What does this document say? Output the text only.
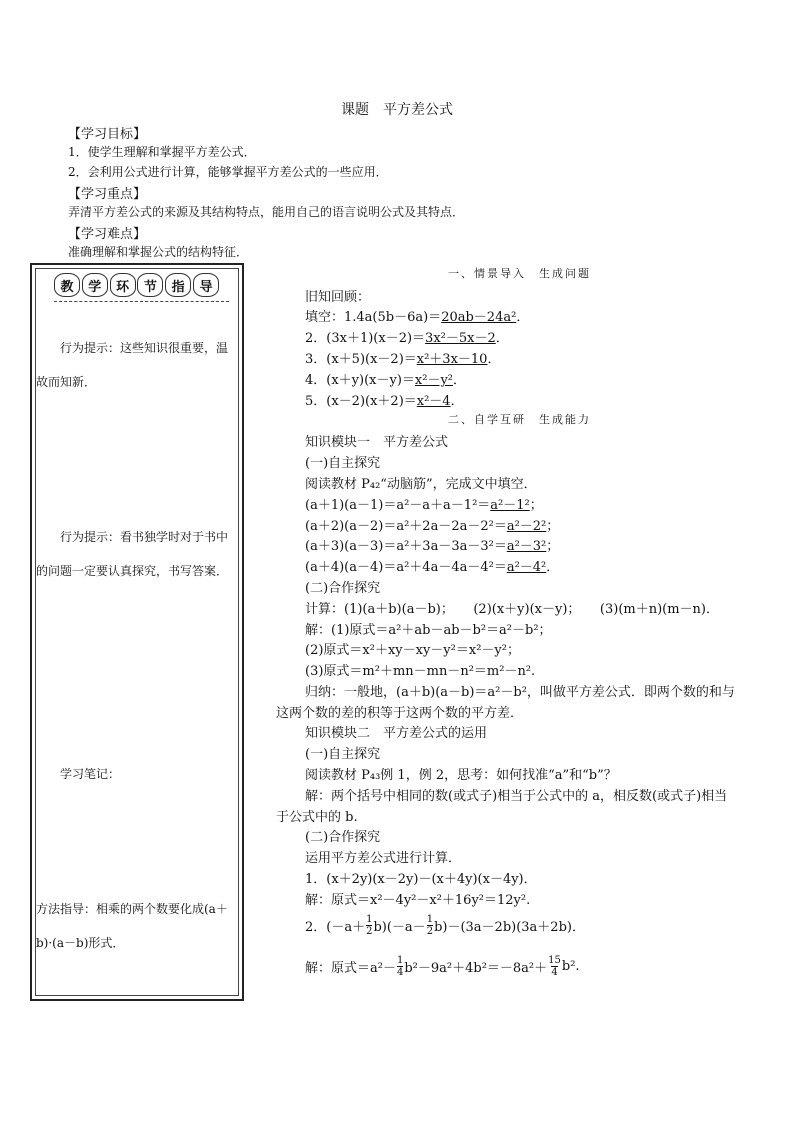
课题　平方差公式
【学习目标】
1．使学生理解和掌握平方差公式．
2．会利用公式进行计算，能够掌握平方差公式的一些应用．
【学习重点】
弄清平方差公式的来源及其结构特点，能用自己的语言说明公式及其特点．
【学习难点】
准确理解和掌握公式的结构特征．
教	学	环	节	指	导
行为提示：这些知识很重要，温故而知新．
行为提示：看书独学时对于书中的问题一定要认真探究，书写答案．
学习笔记：
方法指导：相乘的两个数要化成(a＋b)·(a－b)形式．
一、情景导入　生成问题
旧知回顾：
填空：1.4a(5b－6a)＝20ab－24a²．
2．(3x＋1)(x－2)＝3x²－5x－2．
3．(x＋5)(x－2)＝x²＋3x－10．
4．(x＋y)(x－y)＝x²－y²．
5．(x－2)(x＋2)＝x²－4．
二、自学互研　生成能力
知识模块一　平方差公式
(一)自主探究
阅读教材 P₄₂“动脑筋”，完成文中填空．
(a＋1)(a－1)＝a²－a＋a－1²＝a²－1²；
(a＋2)(a－2)＝a²＋2a－2a－2²＝a²－2²；
(a＋3)(a－3)＝a²＋3a－3a－3²＝a²－3²；
(a＋4)(a－4)＝a²＋4a－4a－4²＝a²－4²．
(二)合作探究
计算：(1)(a＋b)(a－b)；　　(2)(x＋y)(x－y)；　　(3)(m＋n)(m－n)．
解：(1)原式＝a²＋ab－ab－b²＝a²－b²；
(2)原式＝x²＋xy－xy－y²＝x²－y²；
(3)原式＝m²＋mn－mn－n²＝m²－n².
归纳：一般地，(a＋b)(a－b)＝a²－b²，叫做平方差公式．即两个数的和与
这两个数的差的积等于这两个数的平方差．
知识模块二　平方差公式的运用
(一)自主探究
阅读教材 P₄₃例 1，例 2，思考：如何找准“a”和“b”？
解：两个括号中相同的数(或式子)相当于公式中的 a，相反数(或式子)相当
于公式中的 b.
(二)合作探究
运用平方差公式进行计算．
1．(x＋2y)(x－2y)－(x＋4y)(x－4y)．
解：原式＝x²－4y²－x²＋16y²＝12y².
2．(－a＋
1
2 b)(－a－
1
2 b)－(3a－2b)(3a＋2b)．
解：原式＝a²－
1
4 b²－9a²＋4b²＝－8a²＋
15
4 b².
